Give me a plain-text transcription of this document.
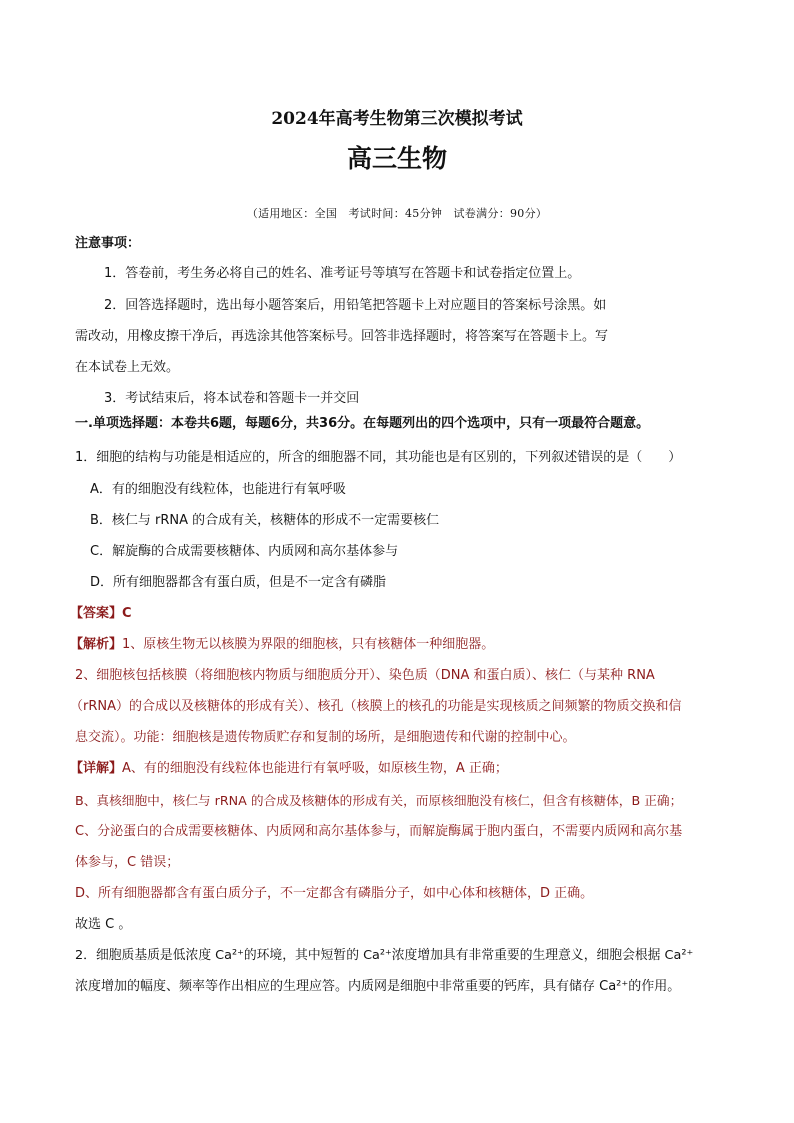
2024年高考生物第三次模拟考试
高三生物
（适用地区：全国　考试时间：45分钟　试卷满分：90分）
注意事项：
1．答卷前，考生务必将自己的姓名、准考证号等填写在答题卡和试卷指定位置上。
2．回答选择题时，选出每小题答案后，用铅笔把答题卡上对应题目的答案标号涂黑。如
需改动，用橡皮擦干净后，再选涂其他答案标号。回答非选择题时，将答案写在答题卡上。写
在本试卷上无效。
3．考试结束后，将本试卷和答题卡一并交回
一.单项选择题：本卷共6题，每题6分，共36分。在每题列出的四个选项中，只有一项最符合题意。
1．细胞的结构与功能是相适应的，所含的细胞器不同，其功能也是有区别的，下列叙述错误的是（　　）
A．有的细胞没有线粒体，也能进行有氧呼吸
B．核仁与 rRNA 的合成有关，核糖体的形成不一定需要核仁
C．解旋酶的合成需要核糖体、内质网和高尔基体参与
D．所有细胞器都含有蛋白质，但是不一定含有磷脂
【答案】C
【解析】1、原核生物无以核膜为界限的细胞核，只有核糖体一种细胞器。
2、细胞核包括核膜（将细胞核内物质与细胞质分开）、染色质（DNA 和蛋白质）、核仁（与某种 RNA
（rRNA）的合成以及核糖体的形成有关）、核孔（核膜上的核孔的功能是实现核质之间频繁的物质交换和信
息交流）。功能：细胞核是遗传物质贮存和复制的场所，是细胞遗传和代谢的控制中心。
【详解】A、有的细胞没有线粒体也能进行有氧呼吸，如原核生物，A 正确；
B、真核细胞中，核仁与 rRNA 的合成及核糖体的形成有关，而原核细胞没有核仁，但含有核糖体，B 正确；
C、分泌蛋白的合成需要核糖体、内质网和高尔基体参与，而解旋酶属于胞内蛋白，不需要内质网和高尔基
体参与，C 错误；
D、所有细胞器都含有蛋白质分子，不一定都含有磷脂分子，如中心体和核糖体，D 正确。
故选 C 。
2．细胞质基质是低浓度 Ca²⁺的环境，其中短暂的 Ca²⁺浓度增加具有非常重要的生理意义，细胞会根据 Ca²⁺
浓度增加的幅度、频率等作出相应的生理应答。内质网是细胞中非常重要的钙库，具有储存 Ca²⁺的作用。
